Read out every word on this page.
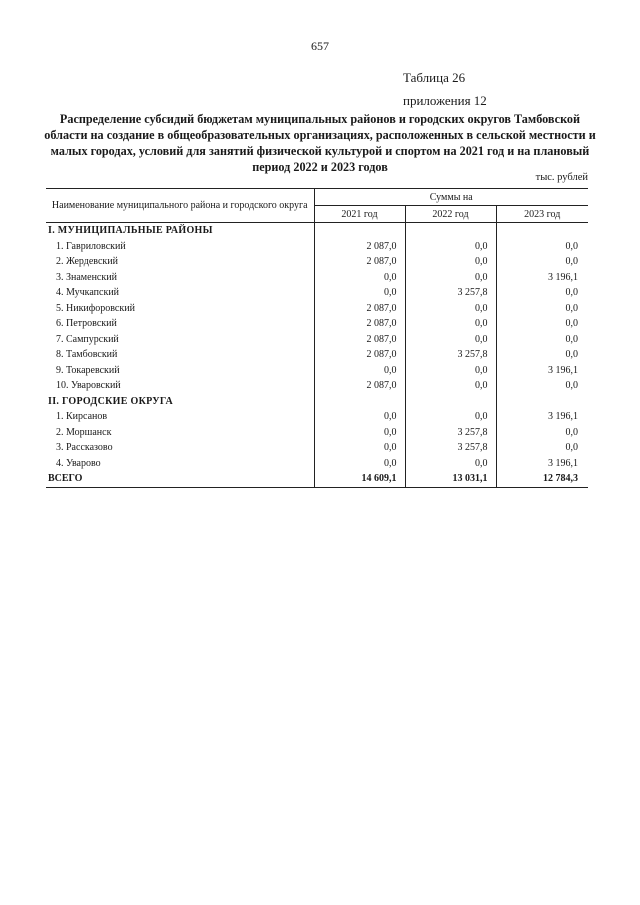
657
Таблица 26
приложения 12
Распределение субсидий бюджетам муниципальных районов и городских округов Тамбовской области на создание в общеобразовательных организациях, расположенных в сельской местности и малых городах, условий для занятий физической культурой и спортом на 2021 год и на плановый период 2022 и 2023 годов
тыс. рублей
Наименование муниципального района и городского округа	Суммы на		
	2021 год	2022 год	2023 год
I. МУНИЦИПАЛЬНЫЕ РАЙОНЫ			
1. Гавриловский	2 087,0	0,0	0,0
2. Жердевский	2 087,0	0,0	0,0
3. Знаменский	0,0	0,0	3 196,1
4. Мучкапский	0,0	3 257,8	0,0
5. Никифоровский	2 087,0	0,0	0,0
6. Петровский	2 087,0	0,0	0,0
7. Сампурский	2 087,0	0,0	0,0
8. Тамбовский	2 087,0	3 257,8	0,0
9. Токаревский	0,0	0,0	3 196,1
10. Уваровский	2 087,0	0,0	0,0
II. ГОРОДСКИЕ ОКРУГА			
1. Кирсанов	0,0	0,0	3 196,1
2. Моршанск	0,0	3 257,8	0,0
3. Рассказово	0,0	3 257,8	0,0
4. Уварово	0,0	0,0	3 196,1
ВСЕГО	14 609,1	13 031,1	12 784,3
